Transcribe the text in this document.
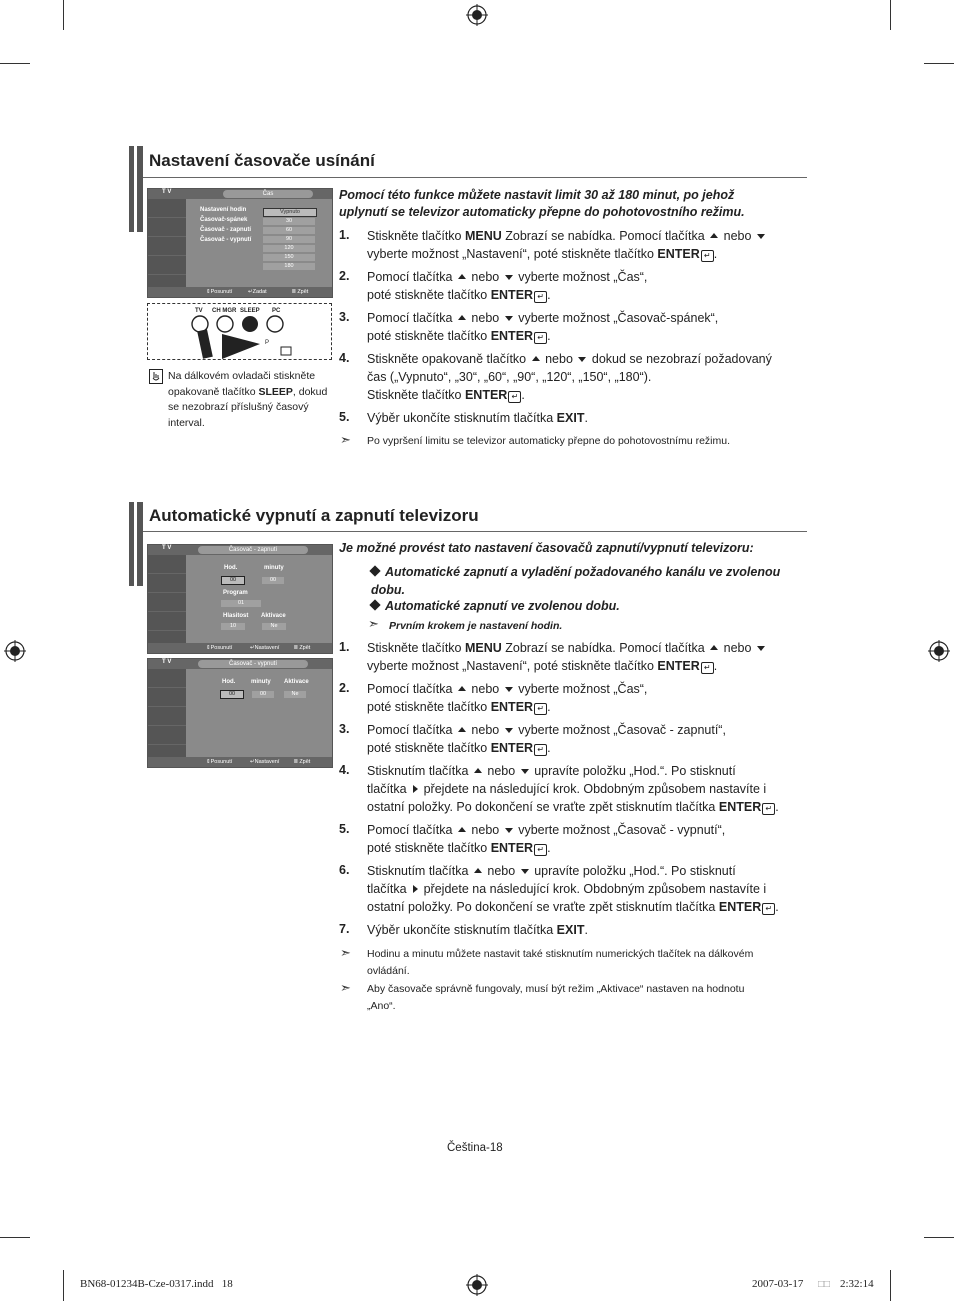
Nastavení časovače usínání
T V	Čas
Nastavení hodin
Časovač-spánek
Časovač - zapnutí
Časovač - vypnutí
Vypnuto
30
60
90
120
150
180
⇕Posunutí	↵Zadat	Ⅲ Zpět
P
TV CH MGR SLEEP PC
Na dálkovém ovladači stiskněte opakovaně tlačítko SLEEP, dokud se nezobrazí příslušný časový interval.
Pomocí této funkce můžete nastavit limit 30 až 180 minut, po jehož uplynutí se televizor automaticky přepne do pohotovostního režimu.
1. Stiskněte tlačítko MENU Zobrazí se nabídka. Pomocí tlačítka nebo
vyberte možnost „Nastavení“, poté stiskněte tlačítko ENTER ↵ .
2. Pomocí tlačítka nebo vyberte možnost „Čas“,
poté stiskněte tlačítko ENTER ↵ .
3. Pomocí tlačítka nebo vyberte možnost „Časovač-spánek“,
poté stiskněte tlačítko ENTER ↵ .
4. Stiskněte opakovaně tlačítko nebo dokud se nezobrazí požadovaný
čas („Vypnuto“, „30“, „60“, „90“, „120“, „150“, „180“).
Stiskněte tlačítko ENTER ↵ .
5. Výběr ukončíte stisknutím tlačítka EXIT.
➣ Po vypršení limitu se televizor automaticky přepne do pohotovostnímu režimu.
Automatické vypnutí a zapnutí televizoru
T V	Časovač - zapnutí
Hod.	minuty
00	00
Program
01
Hlasitost Aktivace
10	Ne
⇕Posunutí	↵Nastavení	Ⅲ Zpět
T V	Časovač - vypnutí
Hod.	minuty Aktivace
00	00	Ne
⇕Posunutí	↵Nastavení	Ⅲ Zpět
Je možné provést tato nastavení časovačů zapnutí/vypnutí televizoru:
Automatické zapnutí a vyladění požadovaného kanálu ve zvolenou dobu.
Automatické zapnutí ve zvolenou dobu.
➣ Prvním krokem je nastavení hodin.
1. Stiskněte tlačítko MENU Zobrazí se nabídka. Pomocí tlačítka nebo
vyberte možnost „Nastavení“, poté stiskněte tlačítko ENTER ↵ .
2. Pomocí tlačítka nebo vyberte možnost „Čas“,
poté stiskněte tlačítko ENTER ↵ .
3. Pomocí tlačítka nebo vyberte možnost „Časovač - zapnutí“,
poté stiskněte tlačítko ENTER ↵ .
4. Stisknutím tlačítka nebo upravíte položku „Hod.“. Po stisknutí
tlačítka přejdete na následující krok. Obdobným způsobem nastavíte i
ostatní položky. Po dokončení se vraťte zpět stisknutím tlačítka ENTER ↵ .
5. Pomocí tlačítka nebo vyberte možnost „Časovač - vypnutí“,
poté stiskněte tlačítko ENTER ↵ .
6. Stisknutím tlačítka nebo upravíte položku „Hod.“. Po stisknutí
tlačítka přejdete na následující krok. Obdobným způsobem nastavíte i
ostatní položky. Po dokončení se vraťte zpět stisknutím tlačítka ENTER ↵ .
7. Výběr ukončíte stisknutím tlačítka EXIT.
➣ Hodinu a minutu můžete nastavit také stisknutím numerických tlačítek na dálkovém
ovládání.
➣ Aby časovače správně fungovaly, musí být režim „Aktivace“ nastaven na hodnotu
„Ano“.
Čeština-18
BN68-01234B-Cze-0317.indd   18	2007-03-17 □□ 2:32:14
